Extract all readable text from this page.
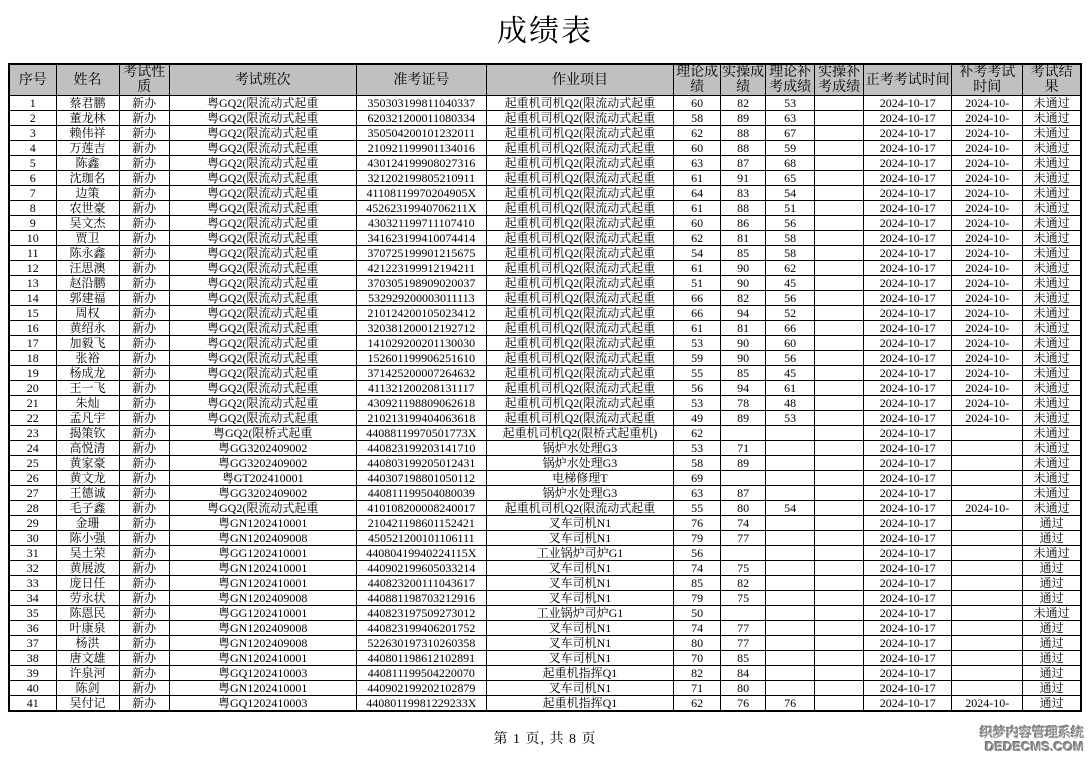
成绩表
序号	姓名	考试性质	考试班次	准考证号	作业项目	理论成绩	实操成绩	理论补考成绩	实操补考成绩	正考考试时间	补考考试时间	考试结果
1	蔡君鹏	新办	粤GQ2(限流动式起重	350303199811040337	起重机司机Q2(限流动式起重	60	82	53		2024-10-17	2024-10-	未通过
2	董龙林	新办	粤GQ2(限流动式起重	620321200011080334	起重机司机Q2(限流动式起重	58	89	63		2024-10-17	2024-10-	未通过
3	赖伟祥	新办	粤GQ2(限流动式起重	350504200101232011	起重机司机Q2(限流动式起重	62	88	67		2024-10-17	2024-10-	未通过
4	万莲吉	新办	粤GQ2(限流动式起重	210921199901134016	起重机司机Q2(限流动式起重	60	88	59		2024-10-17	2024-10-	未通过
5	陈鑫	新办	粤GQ2(限流动式起重	430124199908027316	起重机司机Q2(限流动式起重	63	87	68		2024-10-17	2024-10-	未通过
6	沈珈名	新办	粤GQ2(限流动式起重	321202199805210911	起重机司机Q2(限流动式起重	61	91	65		2024-10-17	2024-10-	未通过
7	边策	新办	粤GQ2(限流动式起重	41108119970204905X	起重机司机Q2(限流动式起重	64	83	54		2024-10-17	2024-10-	未通过
8	农世豪	新办	粤GQ2(限流动式起重	45262319940706211X	起重机司机Q2(限流动式起重	61	88	51		2024-10-17	2024-10-	未通过
9	吴文杰	新办	粤GQ2(限流动式起重	430321199711107410	起重机司机Q2(限流动式起重	60	86	56		2024-10-17	2024-10-	未通过
10	贾卫	新办	粤GQ2(限流动式起重	341623199410074414	起重机司机Q2(限流动式起重	62	81	58		2024-10-17	2024-10-	未通过
11	陈永鑫	新办	粤GQ2(限流动式起重	370725199901215675	起重机司机Q2(限流动式起重	54	85	58		2024-10-17	2024-10-	未通过
12	汪思澳	新办	粤GQ2(限流动式起重	421223199912194211	起重机司机Q2(限流动式起重	61	90	62		2024-10-17	2024-10-	未通过
13	赵沿鹏	新办	粤GQ2(限流动式起重	370305198909020037	起重机司机Q2(限流动式起重	51	90	45		2024-10-17	2024-10-	未通过
14	郭建福	新办	粤GQ2(限流动式起重	532929200003011113	起重机司机Q2(限流动式起重	66	82	56		2024-10-17	2024-10-	未通过
15	周权	新办	粤GQ2(限流动式起重	210124200105023412	起重机司机Q2(限流动式起重	66	94	52		2024-10-17	2024-10-	未通过
16	黄绍永	新办	粤GQ2(限流动式起重	320381200012192712	起重机司机Q2(限流动式起重	61	81	66		2024-10-17	2024-10-	未通过
17	加毅飞	新办	粤GQ2(限流动式起重	141029200201130030	起重机司机Q2(限流动式起重	53	90	60		2024-10-17	2024-10-	未通过
18	张裕	新办	粤GQ2(限流动式起重	152601199906251610	起重机司机Q2(限流动式起重	59	90	56		2024-10-17	2024-10-	未通过
19	杨成龙	新办	粤GQ2(限流动式起重	371425200007264632	起重机司机Q2(限流动式起重	55	85	45		2024-10-17	2024-10-	未通过
20	王一飞	新办	粤GQ2(限流动式起重	411321200208131117	起重机司机Q2(限流动式起重	56	94	61		2024-10-17	2024-10-	未通过
21	朱灿	新办	粤GQ2(限流动式起重	430921198809062618	起重机司机Q2(限流动式起重	53	78	48		2024-10-17	2024-10-	未通过
22	孟凡宇	新办	粤GQ2(限流动式起重	210213199404063618	起重机司机Q2(限流动式起重	49	89	53		2024-10-17	2024-10-	未通过
23	揭策钦	新办	粤GQ2(限桥式起重	44088119970501773X	起重机司机Q2(限桥式起重机)	62				2024-10-17		未通过
24	高悦清	新办	粤GG3202409002	440823199203141710	锅炉水处理G3	53	71			2024-10-17		未通过
25	黄家豪	新办	粤GG3202409002	440803199205012431	锅炉水处理G3	58	89			2024-10-17		未通过
26	黄文龙	新办	粤GT202410001	440307198801050112	电梯修理T	69				2024-10-17		未通过
27	王德诚	新办	粤GG3202409002	440811199504080039	锅炉水处理G3	63	87			2024-10-17		未通过
28	毛子鑫	新办	粤GQ2(限流动式起重	410108200008240017	起重机司机Q2(限流动式起重	55	80	54		2024-10-17	2024-10-	未通过
29	金珊	新办	粤GN1202410001	210421198601152421	叉车司机N1	76	74			2024-10-17		通过
30	陈小强	新办	粤GN1202409008	450521200101106111	叉车司机N1	79	77			2024-10-17		通过
31	吴土荣	新办	粤GG1202410001	44080419940224115X	工业锅炉司炉G1	56				2024-10-17		未通过
32	黄展波	新办	粤GN1202410001	440902199605033214	叉车司机N1	74	75			2024-10-17		通过
33	庞日任	新办	粤GN1202410001	440823200111043617	叉车司机N1	85	82			2024-10-17		通过
34	劳永状	新办	粤GN1202409008	440881198703212916	叉车司机N1	79	75			2024-10-17		通过
35	陈恩民	新办	粤GG1202410001	440823197509273012	工业锅炉司炉G1	50				2024-10-17		未通过
36	叶康泉	新办	粤GN1202409008	440823199406201752	叉车司机N1	74	77			2024-10-17		通过
37	杨洪	新办	粤GN1202409008	522630197310260358	叉车司机N1	80	77			2024-10-17		通过
38	唐文雄	新办	粤GN1202410001	440801198612102891	叉车司机N1	70	85			2024-10-17		通过
39	许泉河	新办	粤GQ1202410003	440811199504220070	起重机指挥Q1	82	84			2024-10-17		通过
40	陈剑	新办	粤GN1202410001	440902199202102879	叉车司机N1	71	80			2024-10-17		通过
41	吴付记	新办	粤GQ1202410003	44080119981229233X	起重机指挥Q1	62	76	76		2024-10-17	2024-10-	通过
第 1 页, 共 8 页	织梦内容管理系统
DEDECMS.COM
